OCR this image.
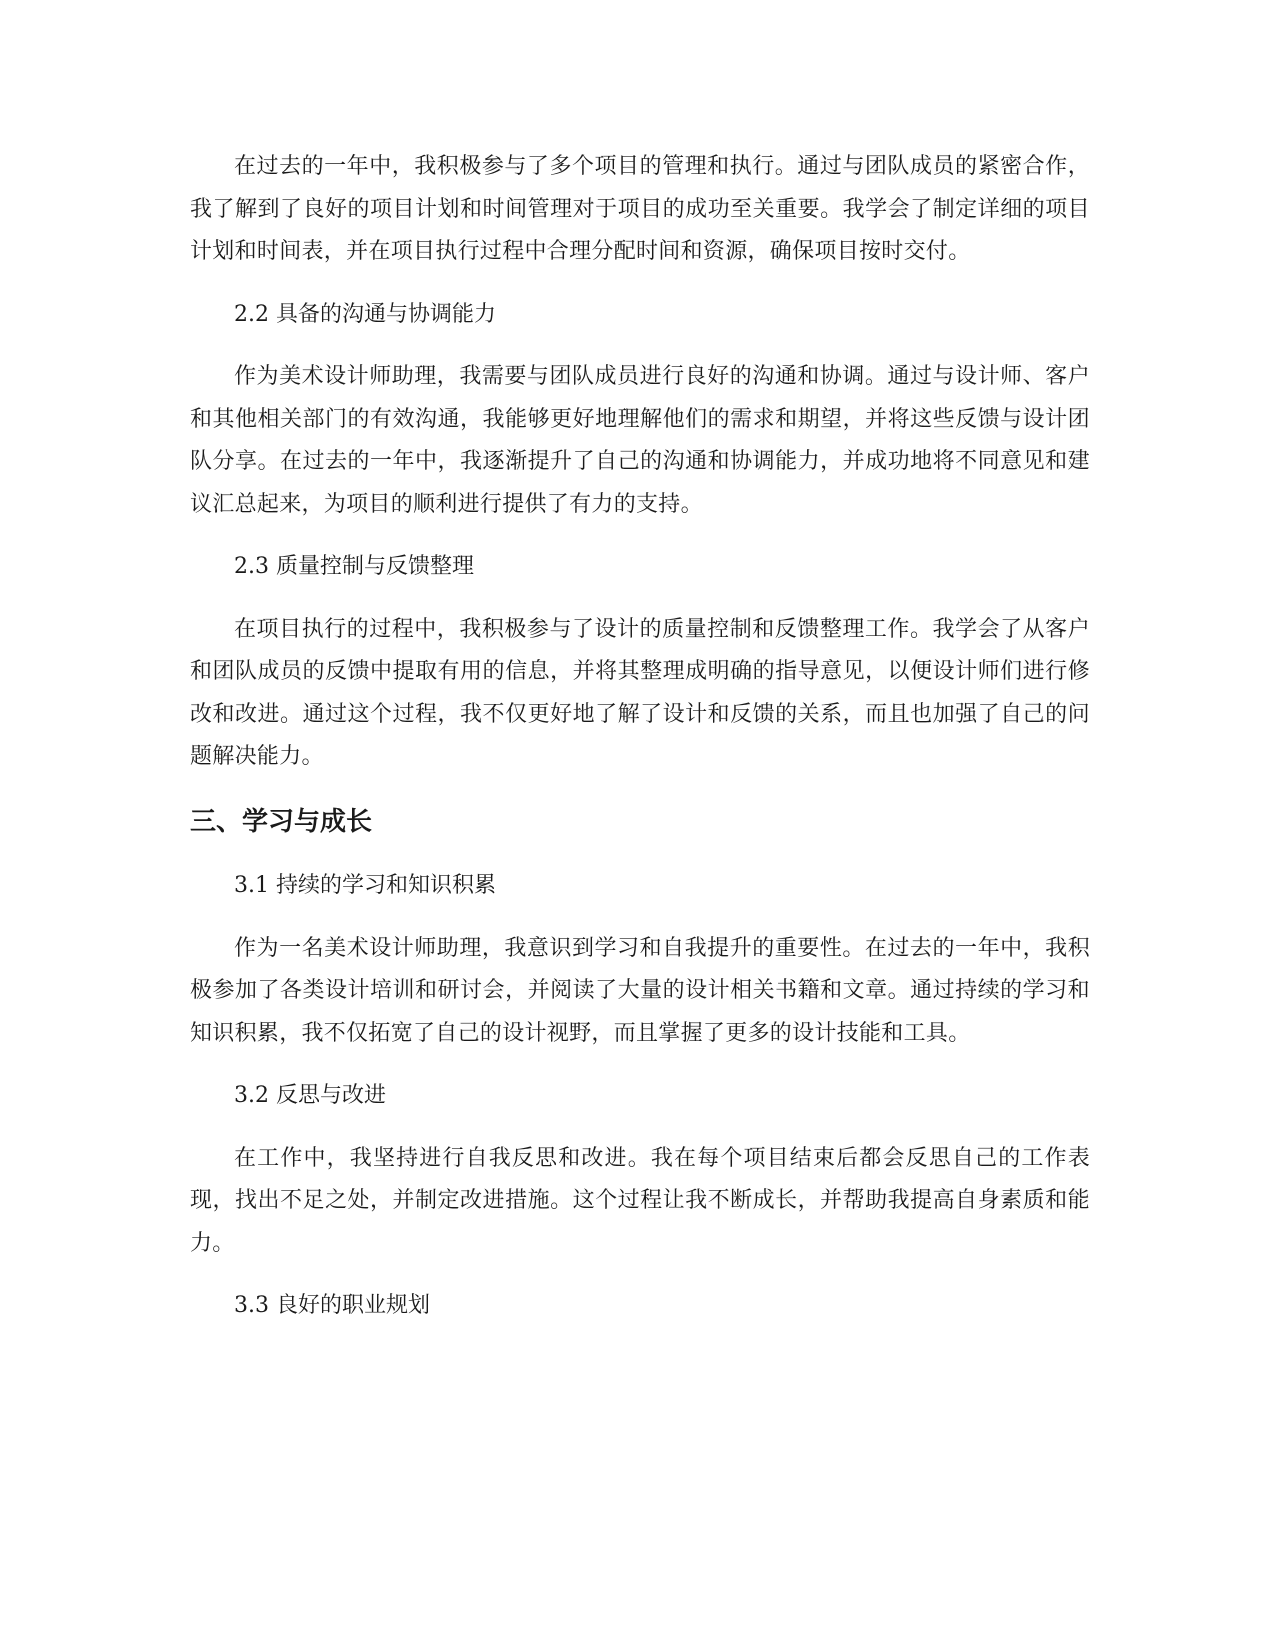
在过去的一年中，我积极参与了多个项目的管理和执行。通过与团队成员的紧密合作，我了解到了良好的项目计划和时间管理对于项目的成功至关重要。我学会了制定详细的项目计划和时间表，并在项目执行过程中合理分配时间和资源，确保项目按时交付。

2.2 具备的沟通与协调能力

作为美术设计师助理，我需要与团队成员进行良好的沟通和协调。通过与设计师、客户和其他相关部门的有效沟通，我能够更好地理解他们的需求和期望，并将这些反馈与设计团队分享。在过去的一年中，我逐渐提升了自己的沟通和协调能力，并成功地将不同意见和建议汇总起来，为项目的顺利进行提供了有力的支持。

2.3 质量控制与反馈整理

在项目执行的过程中，我积极参与了设计的质量控制和反馈整理工作。我学会了从客户和团队成员的反馈中提取有用的信息，并将其整理成明确的指导意见，以便设计师们进行修改和改进。通过这个过程，我不仅更好地了解了设计和反馈的关系，而且也加强了自己的问题解决能力。

三、学习与成长

3.1 持续的学习和知识积累

作为一名美术设计师助理，我意识到学习和自我提升的重要性。在过去的一年中，我积极参加了各类设计培训和研讨会，并阅读了大量的设计相关书籍和文章。通过持续的学习和知识积累，我不仅拓宽了自己的设计视野，而且掌握了更多的设计技能和工具。

3.2 反思与改进

在工作中，我坚持进行自我反思和改进。我在每个项目结束后都会反思自己的工作表现，找出不足之处，并制定改进措施。这个过程让我不断成长，并帮助我提高自身素质和能力。

3.3 良好的职业规划
